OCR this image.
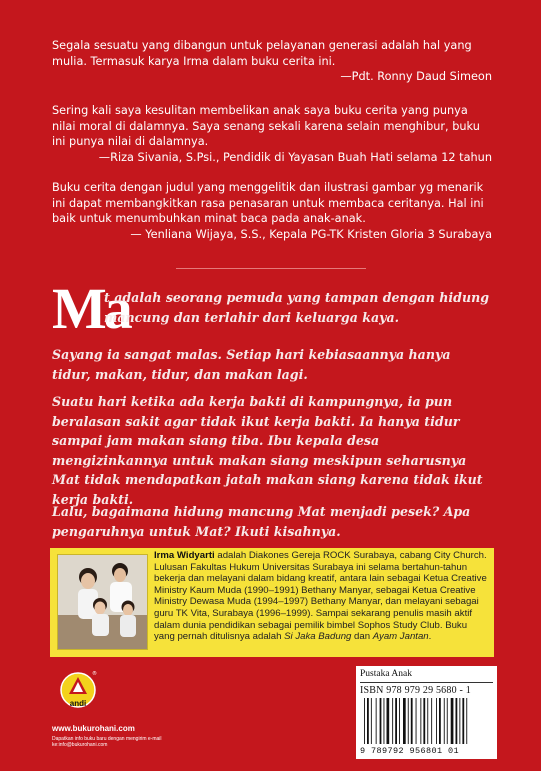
Segala sesuatu yang dibangun untuk pelayanan generasi adalah hal yang mulia. Termasuk karya Irma dalam buku cerita ini.
—Pdt. Ronny Daud Simeon
Sering kali saya kesulitan membelikan anak saya buku cerita yang punya nilai moral di dalamnya. Saya senang sekali karena selain menghibur, buku ini punya nilai di dalamnya.
—Riza Sivania, S.Psi., Pendidik di Yayasan Buah Hati selama 12 tahun
Buku cerita dengan judul yang menggelitik dan ilustrasi gambar yg menarik ini dapat membangkitkan rasa penasaran untuk membaca ceritanya. Hal ini baik untuk menumbuhkan minat baca pada anak-anak.
— Yenliana Wijaya, S.S., Kepala PG-TK Kristen Gloria 3 Surabaya
Ma
t adalah seorang pemuda yang tampan dengan hidung
mancung dan terlahir dari keluarga kaya.
Sayang ia sangat malas. Setiap hari kebiasaannya hanya tidur, makan, tidur, dan makan lagi.
Suatu hari ketika ada kerja bakti di kampungnya, ia pun beralasan sakit agar tidak ikut kerja bakti. Ia hanya tidur sampai jam makan siang tiba. Ibu kepala desa mengizinkannya untuk makan siang meskipun seharusnya Mat tidak mendapatkan jatah makan siang karena tidak ikut kerja bakti.
Lalu, bagaimana hidung mancung Mat menjadi pesek? Apa pengaruhnya untuk Mat? Ikuti kisahnya.
Irma Widyarti adalah Diakones Gereja ROCK Surabaya, cabang City Church. Lulusan Fakultas Hukum Universitas Surabaya ini selama bertahun-tahun bekerja dan melayani dalam bidang kreatif, antara lain sebagai Ketua Creative Ministry Kaum Muda (1990–1991) Bethany Manyar, sebagai Ketua Creative Ministry Dewasa Muda (1994–1997) Bethany Manyar, dan melayani sebagai guru TK Vita, Surabaya (1996–1999). Sampai sekarang penulis masih aktif dalam dunia pendidikan sebagai pemilik bimbel Sophos Study Club. Buku yang pernah ditulisnya adalah Si Jaka Badung dan Ayam Jantan.
andi
®
www.bukurohani.com
Dapatkan info buku baru dengan mengirim e-mail ke:info@bukurohani.com
Pustaka Anak
ISBN 978 979 29 5680 - 1
9 789792 956801 01
